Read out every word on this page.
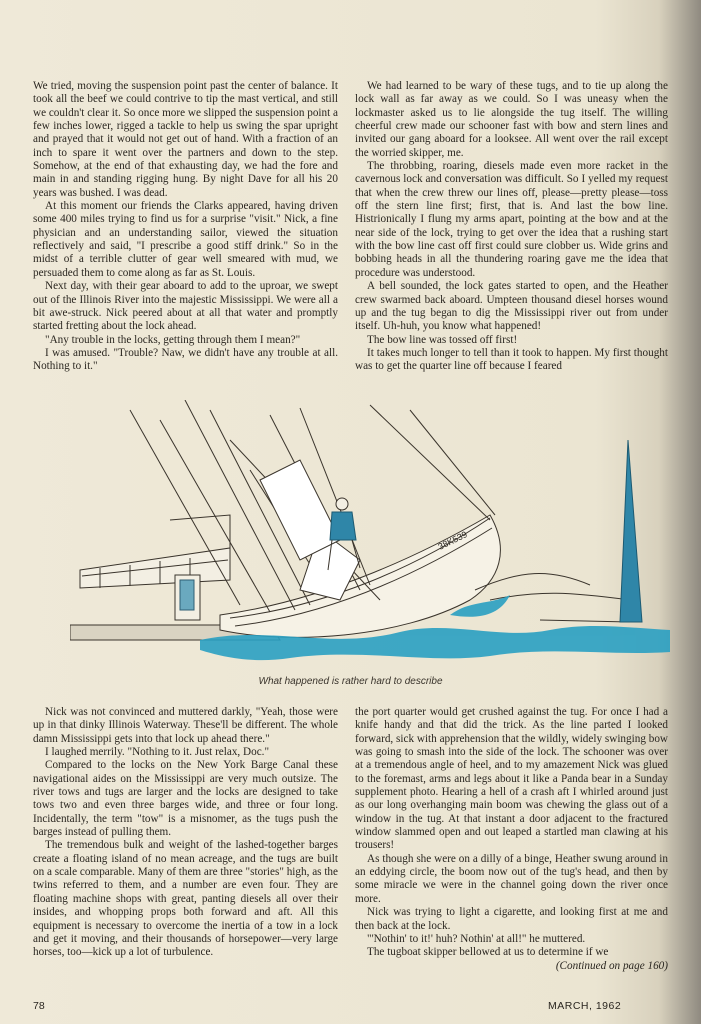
We tried, moving the suspension point past the center of balance. It took all the beef we could contrive to tip the mast vertical, and still we couldn't clear it. So once more we slipped the suspension point a few inches lower, rigged a tackle to help us swing the spar upright and prayed that it would not get out of hand. With a fraction of an inch to spare it went over the partners and down to the step. Somehow, at the end of that exhausting day, we had the fore and main in and standing rigging hung. By night Dave for all his 20 years was bushed. I was dead.

At this moment our friends the Clarks appeared, having driven some 400 miles trying to find us for a surprise "visit." Nick, a fine physician and an understanding sailor, viewed the situation reflectively and said, "I prescribe a good stiff drink." So in the midst of a terrible clutter of gear well smeared with mud, we persuaded them to come along as far as St. Louis.

Next day, with their gear aboard to add to the uproar, we swept out of the Illinois River into the majestic Mississippi. We were all a bit awe-struck. Nick peered about at all that water and promptly started fretting about the lock ahead.

"Any trouble in the locks, getting through them I mean?"

I was amused. "Trouble? Naw, we didn't have any trouble at all. Nothing to it."

We had learned to be wary of these tugs, and to tie up along the lock wall as far away as we could. So I was uneasy when the lockmaster asked us to lie alongside the tug itself. The willing cheerful crew made our schooner fast with bow and stern lines and invited our gang aboard for a looksee. All went over the rail except the worried skipper, me.

The throbbing, roaring, diesels made even more racket in the cavernous lock and conversation was difficult. So I yelled my request that when the crew threw our lines off, please—pretty please—toss off the stern line first; first, that is. And last the bow line. Histrionically I flung my arms apart, pointing at the bow and at the near side of the lock, trying to get over the idea that a rushing start with the bow line cast off first could sure clobber us. Wide grins and bobbing heads in all the thundering roaring gave me the idea that procedure was understood.

A bell sounded, the lock gates started to open, and the Heather crew swarmed back aboard. Umpteen thousand diesel horses wound up and the tug began to dig the Mississippi river out from under itself. Uh-huh, you know what happened!

The bow line was tossed off first!

It takes much longer to tell than it took to happen. My first thought was to get the quarter line off because I feared

38K539
What happened is rather hard to describe

Nick was not convinced and muttered darkly, "Yeah, those were up in that dinky Illinois Waterway. These'll be different. The whole damn Mississippi gets into that lock up ahead there."

I laughed merrily. "Nothing to it. Just relax, Doc."

Compared to the locks on the New York Barge Canal these navigational aides on the Mississippi are very much outsize. The river tows and tugs are larger and the locks are designed to take tows two and even three barges wide, and three or four long. Incidentally, the term "tow" is a misnomer, as the tugs push the barges instead of pulling them.

The tremendous bulk and weight of the lashed-together barges create a floating island of no mean acreage, and the tugs are built on a scale comparable. Many of them are three "stories" high, as the twins referred to them, and a number are even four. They are floating machine shops with great, panting diesels all over their insides, and whopping props both forward and aft. All this equipment is necessary to overcome the inertia of a tow in a lock and get it moving, and their thousands of horsepower—very large horses, too—kick up a lot of turbulence.

the port quarter would get crushed against the tug. For once I had a knife handy and that did the trick. As the line parted I looked forward, sick with apprehension that the wildly, widely swinging bow was going to smash into the side of the lock. The schooner was over at a tremendous angle of heel, and to my amazement Nick was glued to the foremast, arms and legs about it like a Panda bear in a Sunday supplement photo. Hearing a hell of a crash aft I whirled around just as our long overhanging main boom was chewing the glass out of a window in the tug. At that instant a door adjacent to the fractured window slammed open and out leaped a startled man clawing at his trousers!

As though she were on a dilly of a binge, Heather swung around in an eddying circle, the boom now out of the tug's head, and then by some miracle we were in the channel going down the river once more.

Nick was trying to light a cigarette, and looking first at me and then back at the lock.

"'Nothin' to it!' huh? Nothin' at all!" he muttered.

The tugboat skipper bellowed at us to determine if we

(Continued on page 160)

78	MARCH, 1962
